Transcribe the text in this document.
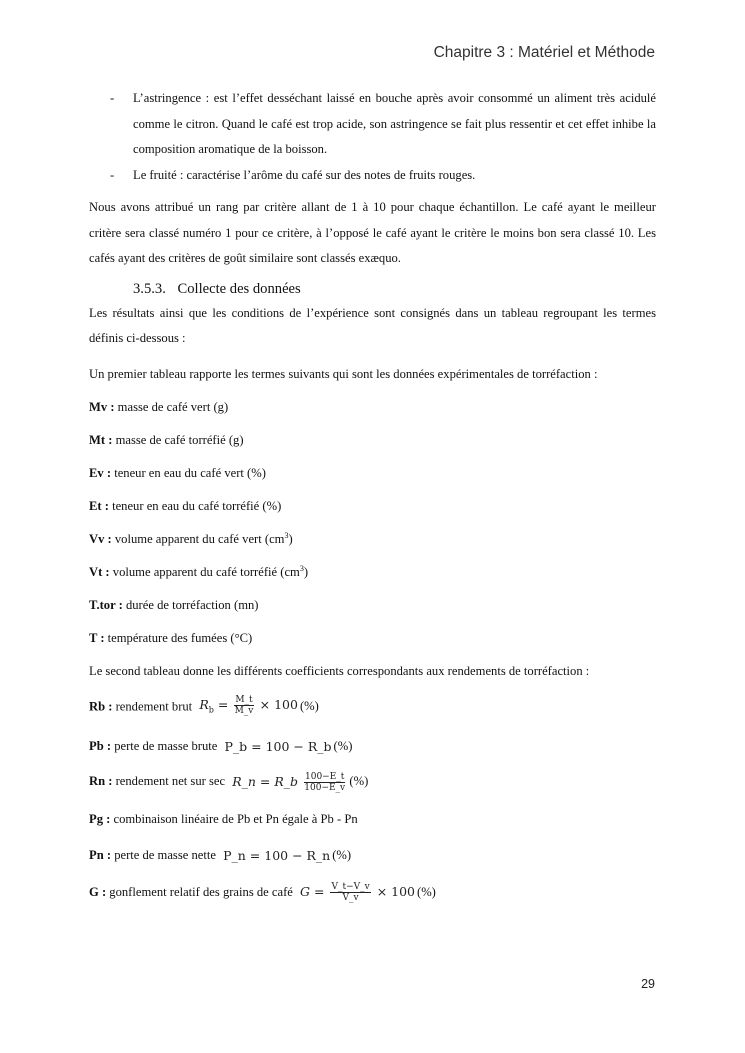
Chapitre 3 : Matériel et Méthode
- L’astringence : est l’effet desséchant laissé en bouche après avoir consommé un aliment très acidulé comme le citron. Quand le café est trop acide, son astringence se fait plus ressentir et cet effet inhibe la composition aromatique de la boisson.
- Le fruité : caractérise l’arôme du café sur des notes de fruits rouges.

Nous avons attribué un rang par critère allant de 1 à 10 pour chaque échantillon. Le café ayant le meilleur critère sera classé numéro 1 pour ce critère, à l’opposé le café ayant le critère le moins bon sera classé 10. Les cafés ayant des critères de goût similaire sont classés exæquo.

3.5.3. Collecte des données

Les résultats ainsi que les conditions de l’expérience sont consignés dans un tableau regroupant les termes définis ci-dessous :

Un premier tableau rapporte les termes suivants qui sont les données expérimentales de torréfaction :

Mv : masse de café vert (g)

Mt : masse de café torréfié (g)

Ev : teneur en eau du café vert (%)

Et : teneur en eau du café torréfié (%)

Vv : volume apparent du café vert $(cm^3)$

Vt : volume apparent du café torréfié $(cm^3)$

T.tor : durée de torréfaction (mn)

T : température des fumées (°C)

Le second tableau donne les différents coefficients correspondants aux rendements de torréfaction :

Rb : rendement brut $R_b = \frac{M\_t}{M\_v} \times 100$ (%)

Pb : perte de masse brute P_b = 100 − R_b (%)

Rn : rendement net sur sec R_n = R_b $\frac{100-E\_t}{100-E\_v}$ (%)

Pg : combinaison linéaire de Pb et Pn égale à Pb - Pn

Pn : perte de masse nette P_n = 100 − R_n (%)

G : gonflement relatif des grains de café $G = \frac{V\_t-V\_v}{V\_v} \times 100$ (%)

29
